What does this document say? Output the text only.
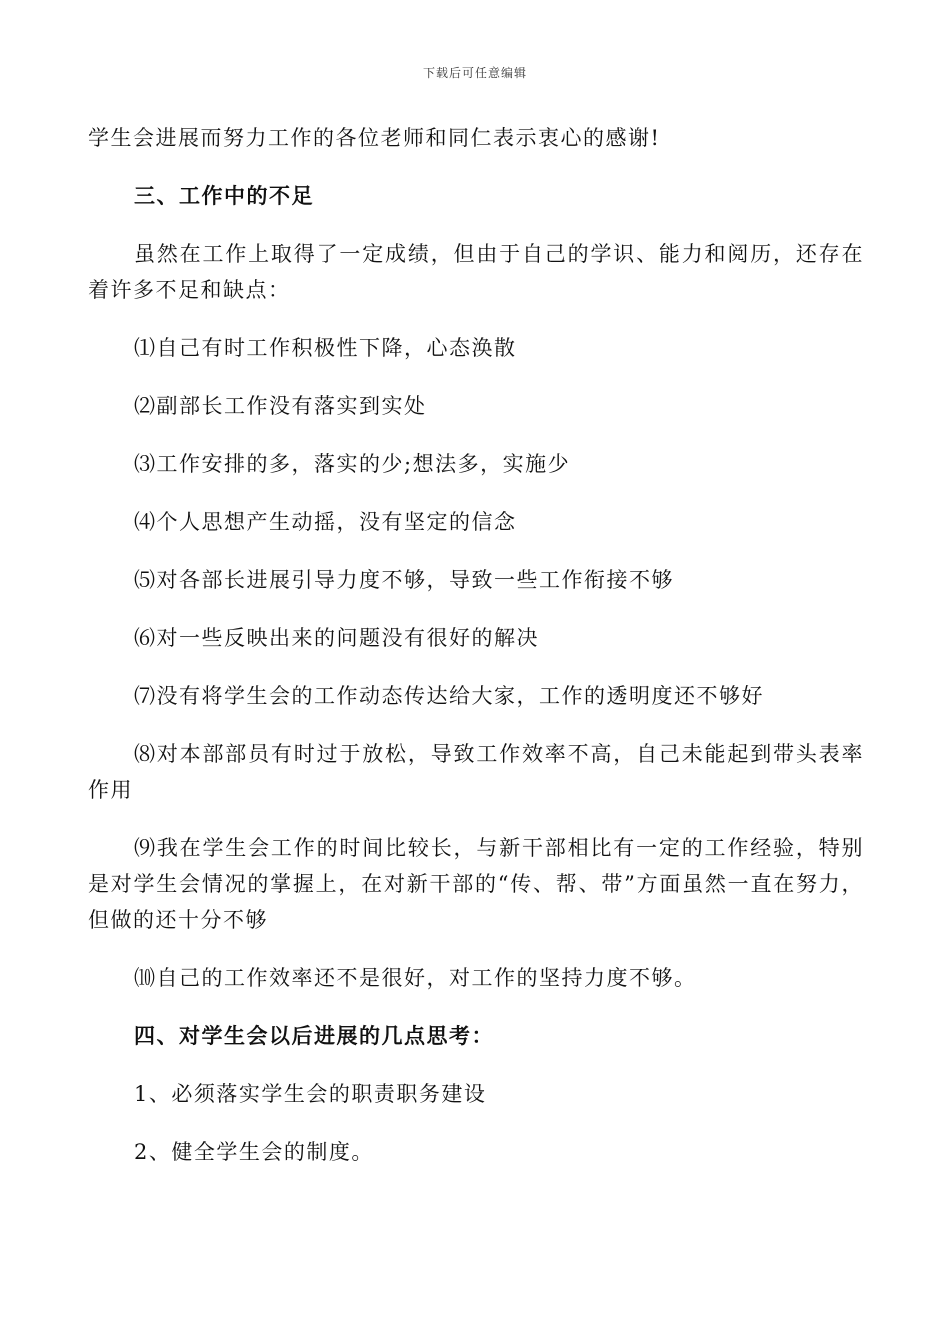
下载后可任意编辑

学生会进展而努力工作的各位老师和同仁表示衷心的感谢!

三、工作中的不足

虽然在工作上取得了一定成绩，但由于自己的学识、能力和阅历，还存在着许多不足和缺点：

⑴自己有时工作积极性下降，心态涣散

⑵副部长工作没有落实到实处

⑶工作安排的多，落实的少;想法多，实施少

⑷个人思想产生动摇，没有坚定的信念

⑸对各部长进展引导力度不够，导致一些工作衔接不够

⑹对一些反映出来的问题没有很好的解决

⑺没有将学生会的工作动态传达给大家，工作的透明度还不够好

⑻对本部部员有时过于放松，导致工作效率不高，自己未能起到带头表率作用

⑼我在学生会工作的时间比较长，与新干部相比有一定的工作经验，特别是对学生会情况的掌握上，在对新干部的“传、帮、带”方面虽然一直在努力，但做的还十分不够

⑽自己的工作效率还不是很好，对工作的坚持力度不够。

四、对学生会以后进展的几点思考：

1、必须落实学生会的职责职务建设

2、健全学生会的制度。
